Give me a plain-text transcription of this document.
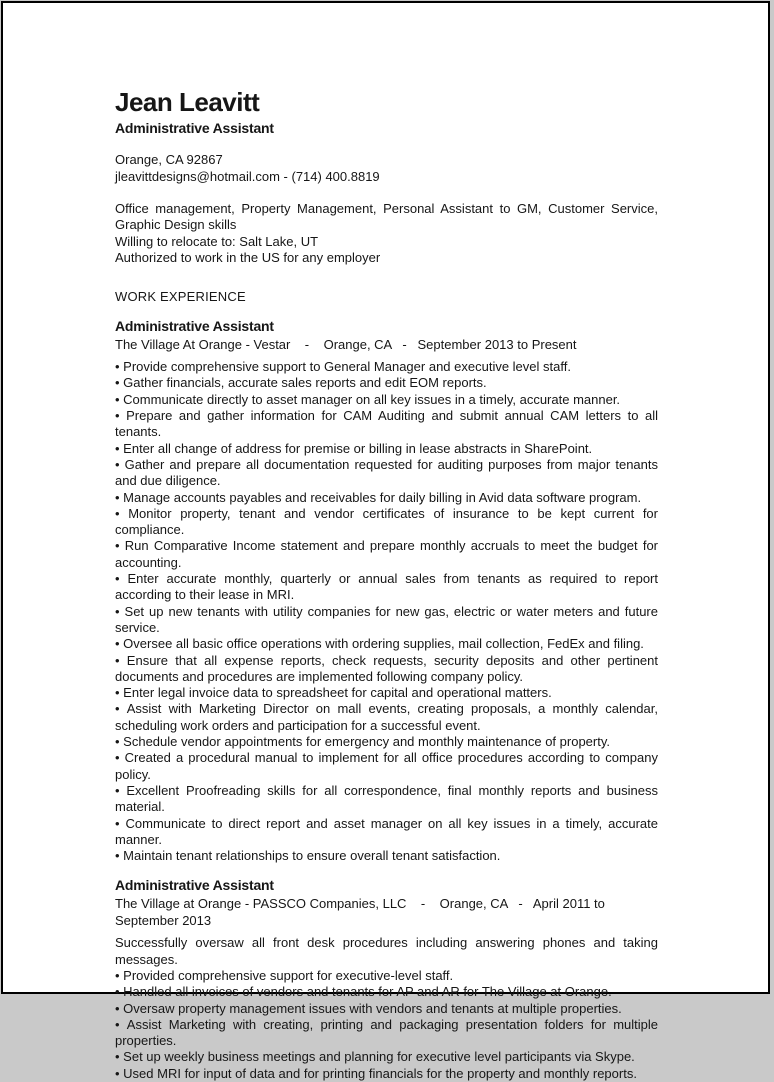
Jean Leavitt
Administrative Assistant

Orange, CA 92867

jleavittdesigns@hotmail.com - (714) 400.8819

Office management, Property Management, Personal Assistant to GM, Customer Service, Graphic Design skills

Willing to relocate to: Salt Lake, UT

Authorized to work in the US for any employer

WORK EXPERIENCE
Administrative Assistant

The Village At Orange - Vestar    -    Orange, CA   -   September 2013 to Present

• Provide comprehensive support to General Manager and executive level staff.

• Gather financials, accurate sales reports and edit EOM reports.

• Communicate directly to asset manager on all key issues in a timely, accurate manner.

• Prepare and gather information for CAM Auditing and submit annual CAM letters to all tenants.

• Enter all change of address for premise or billing in lease abstracts in SharePoint.

• Gather and prepare all documentation requested for auditing purposes from major tenants and due diligence.

• Manage accounts payables and receivables for daily billing in Avid data software program.

• Monitor property, tenant and vendor certificates of insurance to be kept current for compliance.

• Run Comparative Income statement and prepare monthly accruals to meet the budget for accounting.

• Enter accurate monthly, quarterly or annual sales from tenants as required to report according to their lease in MRI.

• Set up new tenants with utility companies for new gas, electric or water meters and future service.

• Oversee all basic office operations with ordering supplies, mail collection, FedEx and filing.

• Ensure that all expense reports, check requests, security deposits and other pertinent documents and procedures are implemented following company policy.

• Enter legal invoice data to spreadsheet for capital and operational matters.

• Assist with Marketing Director on mall events, creating proposals, a monthly calendar, scheduling work orders and participation for a successful event.

• Schedule vendor appointments for emergency and monthly maintenance of property.

• Created a procedural manual to implement for all office procedures according to company policy.

• Excellent Proofreading skills for all correspondence, final monthly reports and business material.

• Communicate to direct report and asset manager on all key issues in a timely, accurate manner.

• Maintain tenant relationships to ensure overall tenant satisfaction.

Administrative Assistant

The Village at Orange - PASSCO Companies, LLC    -    Orange, CA   -   April 2011 to September 2013

Successfully oversaw all front desk procedures including answering phones and taking messages.

• Provided comprehensive support for executive-level staff.

• Handled all invoices of vendors and tenants for AP and AR for The Village at Orange.

• Oversaw property management issues with vendors and tenants at multiple properties.

• Assist Marketing with creating, printing and packaging presentation folders for multiple properties.

• Set up weekly business meetings and planning for executive level participants via Skype.

• Used MRI for input of data and for printing financials for the property and monthly reports.
